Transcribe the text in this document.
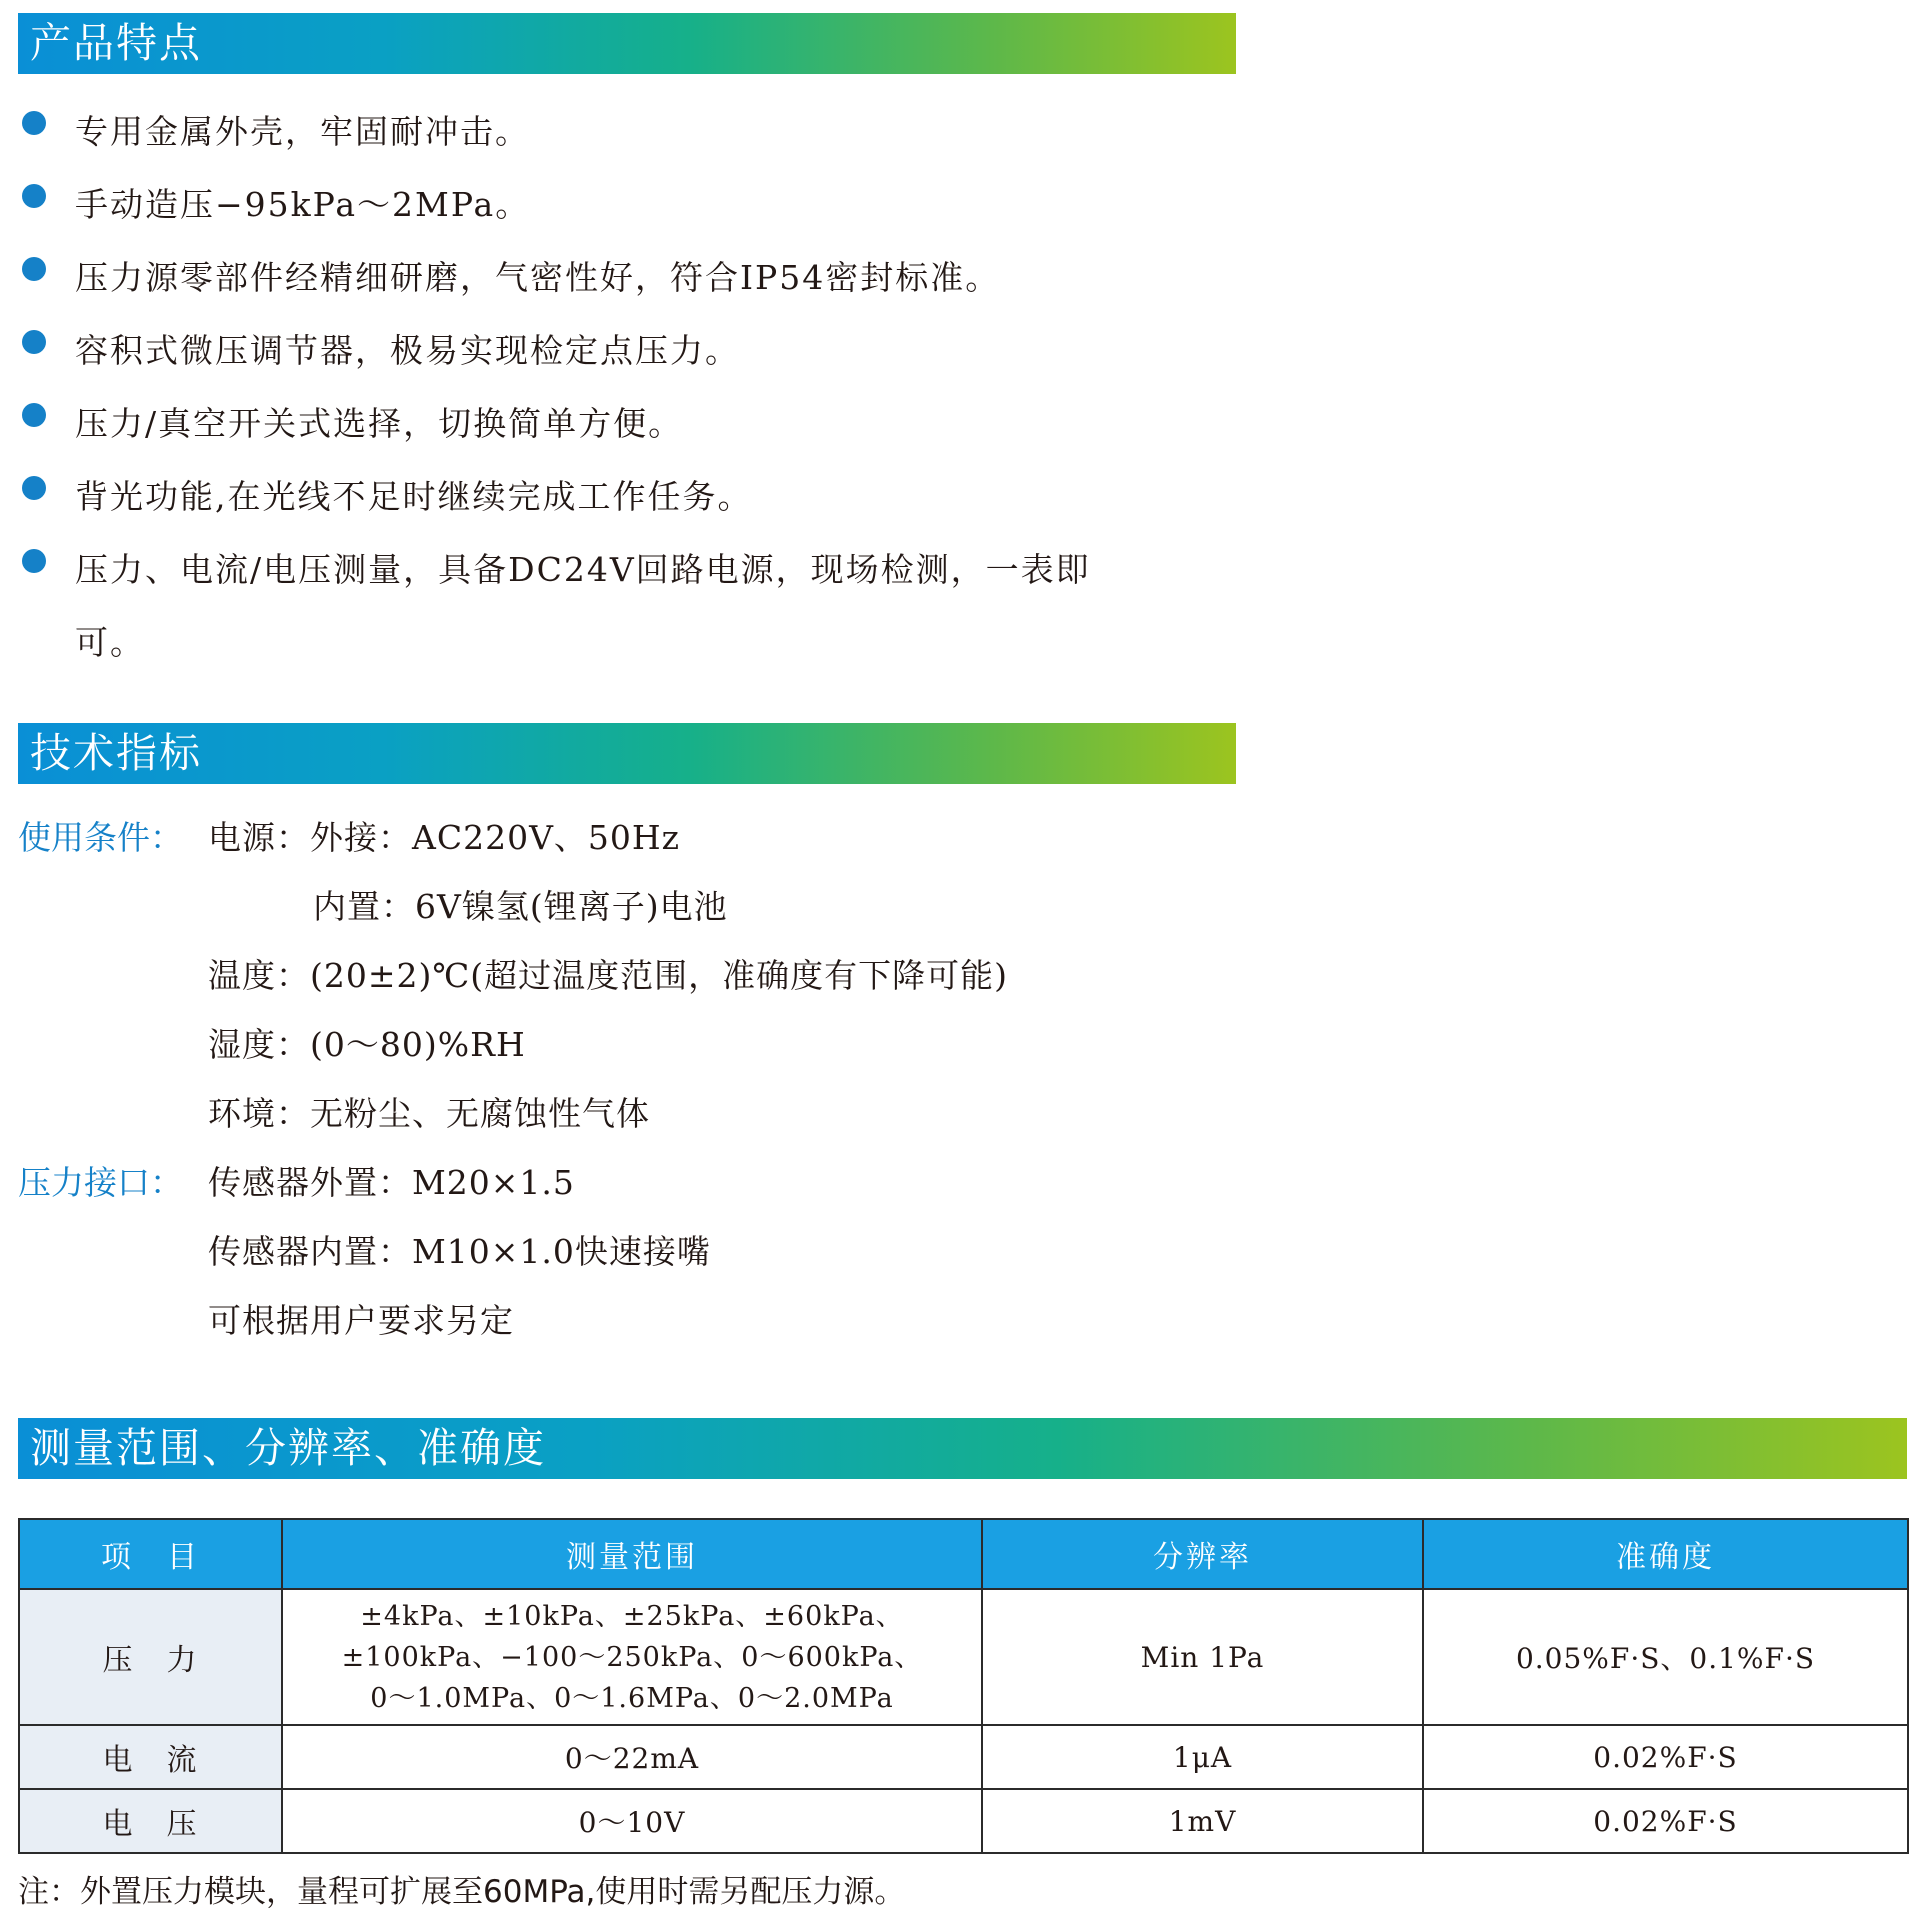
产品特点
专用金属外壳，牢固耐冲击。
手动造压−95kPa～2MPa。
压力源零部件经精细研磨，气密性好，符合IP54密封标准。
容积式微压调节器，极易实现检定点压力。
压力/真空开关式选择，切换简单方便。
背光功能,在光线不足时继续完成工作任务。
压力、电流/电压测量，具备DC24V回路电源，现场检测，一表即
可。
技术指标
使用条件： 电源：外接：AC220V、50Hz
内置：6V镍氢(锂离子)电池
温度：(20±2)℃(超过温度范围，准确度有下降可能)
湿度：(0～80)%RH
环境：无粉尘、无腐蚀性气体
压力接口： 传感器外置：M20×1.5
传感器内置：M10×1.0快速接嘴
可根据用户要求另定
测量范围、分辨率、准确度
项　目	测量范围	分辨率	准确度
压　力	±4kPa、±10kPa、±25kPa、±60kPa、
±100kPa、−100～250kPa、0～600kPa、
0～1.0MPa、0～1.6MPa、0～2.0MPa	Min 1Pa	0.05%F·S、0.1%F·S
电　流	0～22mA	1μA	0.02%F·S
电　压	0～10V	1mV	0.02%F·S
注：外置压力模块，量程可扩展至60MPa,使用时需另配压力源。
